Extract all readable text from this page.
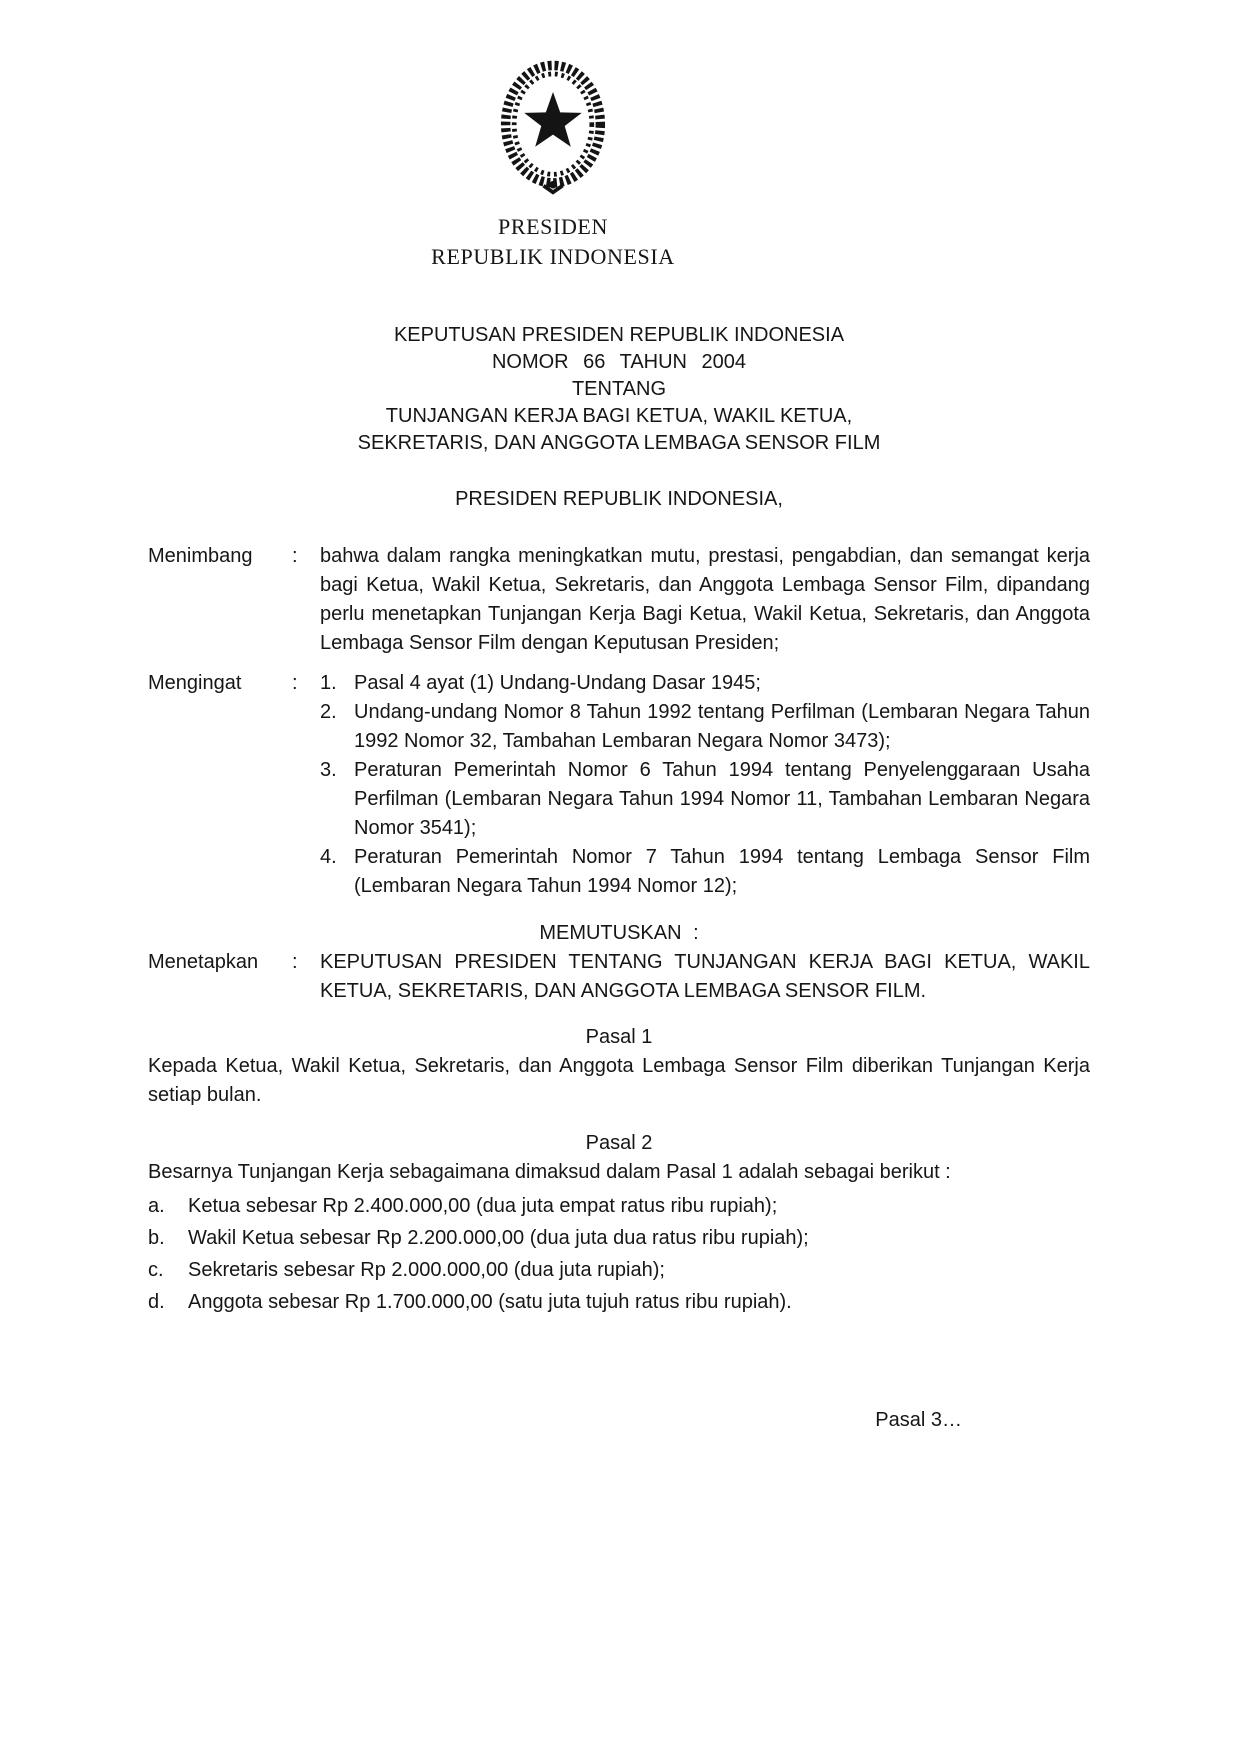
PRESIDEN
REPUBLIK INDONESIA
KEPUTUSAN PRESIDEN REPUBLIK INDONESIA
NOMOR 66 TAHUN 2004
TENTANG
TUNJANGAN KERJA BAGI KETUA, WAKIL KETUA,
SEKRETARIS, DAN ANGGOTA LEMBAGA SENSOR FILM
PRESIDEN REPUBLIK INDONESIA,
Menimbang	:	bahwa dalam rangka meningkatkan mutu, prestasi, pengabdian, dan semangat kerja bagi Ketua, Wakil Ketua, Sekretaris, dan Anggota Lembaga Sensor Film, dipandang perlu menetapkan Tunjangan Kerja Bagi Ketua, Wakil Ketua, Sekretaris, dan Anggota Lembaga Sensor Film dengan Keputusan Presiden;
Mengingat	:	1. Pasal 4 ayat (1) Undang-Undang Dasar 1945;
2. Undang-undang Nomor 8 Tahun 1992 tentang Perfilman (Lembaran Negara Tahun 1992 Nomor 32, Tambahan Lembaran Negara Nomor 3473);
3. Peraturan Pemerintah Nomor 6 Tahun 1994 tentang Penyelenggaraan Usaha Perfilman (Lembaran Negara Tahun 1994 Nomor 11, Tambahan Lembaran Negara Nomor 3541);
4. Peraturan Pemerintah Nomor 7 Tahun 1994 tentang Lembaga Sensor Film (Lembaran Negara Tahun 1994 Nomor 12);
MEMUTUSKAN :
Menetapkan	:	KEPUTUSAN PRESIDEN TENTANG TUNJANGAN KERJA BAGI KETUA, WAKIL KETUA, SEKRETARIS, DAN ANGGOTA LEMBAGA SENSOR FILM.
Pasal 1
Kepada Ketua, Wakil Ketua, Sekretaris, dan Anggota Lembaga Sensor Film diberikan Tunjangan Kerja setiap bulan.
Pasal 2
Besarnya Tunjangan Kerja sebagaimana dimaksud dalam Pasal 1 adalah sebagai berikut :
a.	Ketua sebesar Rp 2.400.000,00 (dua juta empat ratus ribu rupiah);
b.	Wakil Ketua sebesar Rp 2.200.000,00 (dua juta dua ratus ribu rupiah);
c.	Sekretaris sebesar Rp 2.000.000,00 (dua juta rupiah);
d.	Anggota sebesar Rp 1.700.000,00 (satu juta tujuh ratus ribu rupiah).
Pasal 3…
